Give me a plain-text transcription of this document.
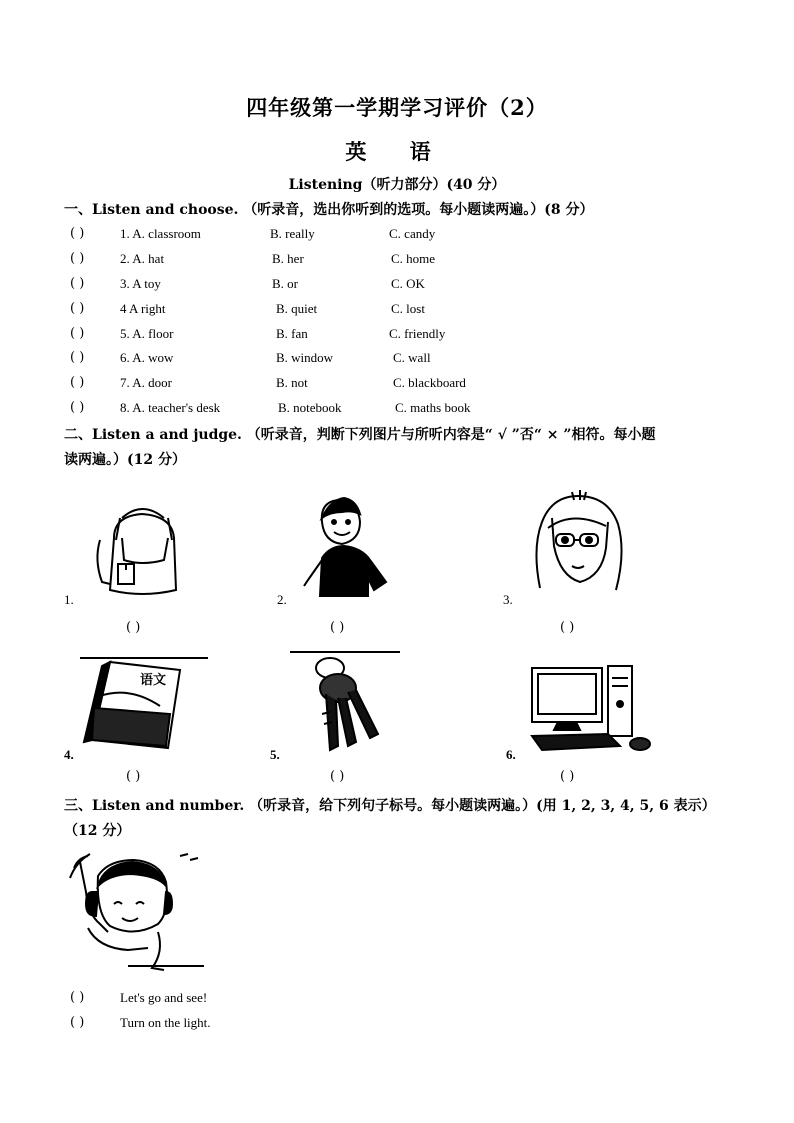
四年级第一学期学习评价（2）
英 语
Listening（听力部分）(40 分）
一、Listen and choose. （听录音，选出你听到的选项。每小题读两遍。）(8 分）
( )	1. A. classroom	B. really	C. candy
( )	2. A. hat	B. her	C. home
( )	3. A toy	B. or	C. OK
( )	4 A right	B. quiet	C. lost
( )	5. A. floor	B. fan	C. friendly
( )	6. A. wow	B. window	C. wall
( )	7. A. door	B. not	C. blackboard
( )	8. A. teacher's desk	B. notebook	C. maths book
二、Listen a and judge. （听录音，判断下列图片与所听内容是“ √ ”否“ × ”相符。每小题
读两遍。）(12 分）
1.	2.	3.
4.	5.	6.
( )	( )	( )
( )	( )	( )
语文
三、Listen and number. （听录音，给下列句子标号。每小题读两遍。）(用 1, 2, 3, 4, 5, 6 表示）
（12 分）
( )	Let's go and see!
( )	Turn on the light.
